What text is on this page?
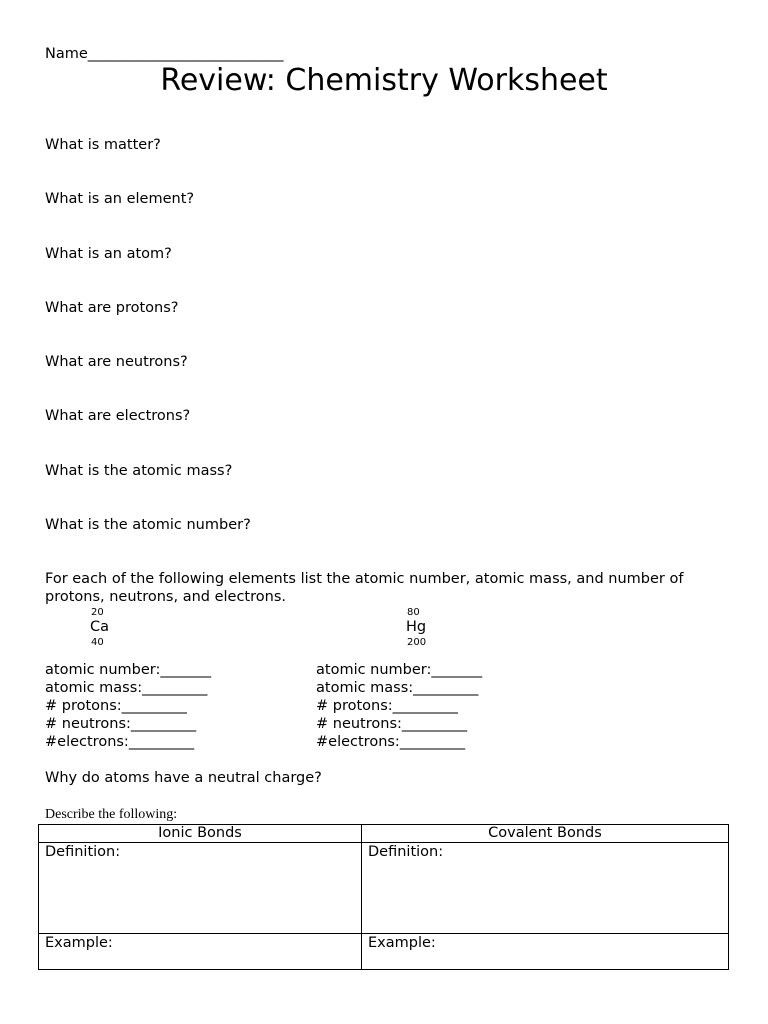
Name___________________________
Review: Chemistry Worksheet
What is matter?
What is an element?
What is an atom?
What are protons?
What are neutrons?
What are electrons?
What is the atomic mass?
What is the atomic number?
For each of the following elements list the atomic number, atomic mass, and number of
protons, neutrons, and electrons.
20
Ca
40
80
Hg
200
atomic number:_______
atomic mass:_________
# protons:_________
# neutrons:_________
#electrons:_________
atomic number:_______
atomic mass:_________
# protons:_________
# neutrons:_________
#electrons:_________
Why do atoms have a neutral charge?
Describe the following:
Ionic Bonds	Covalent Bonds
Definition:	Definition:
Example:	Example:
